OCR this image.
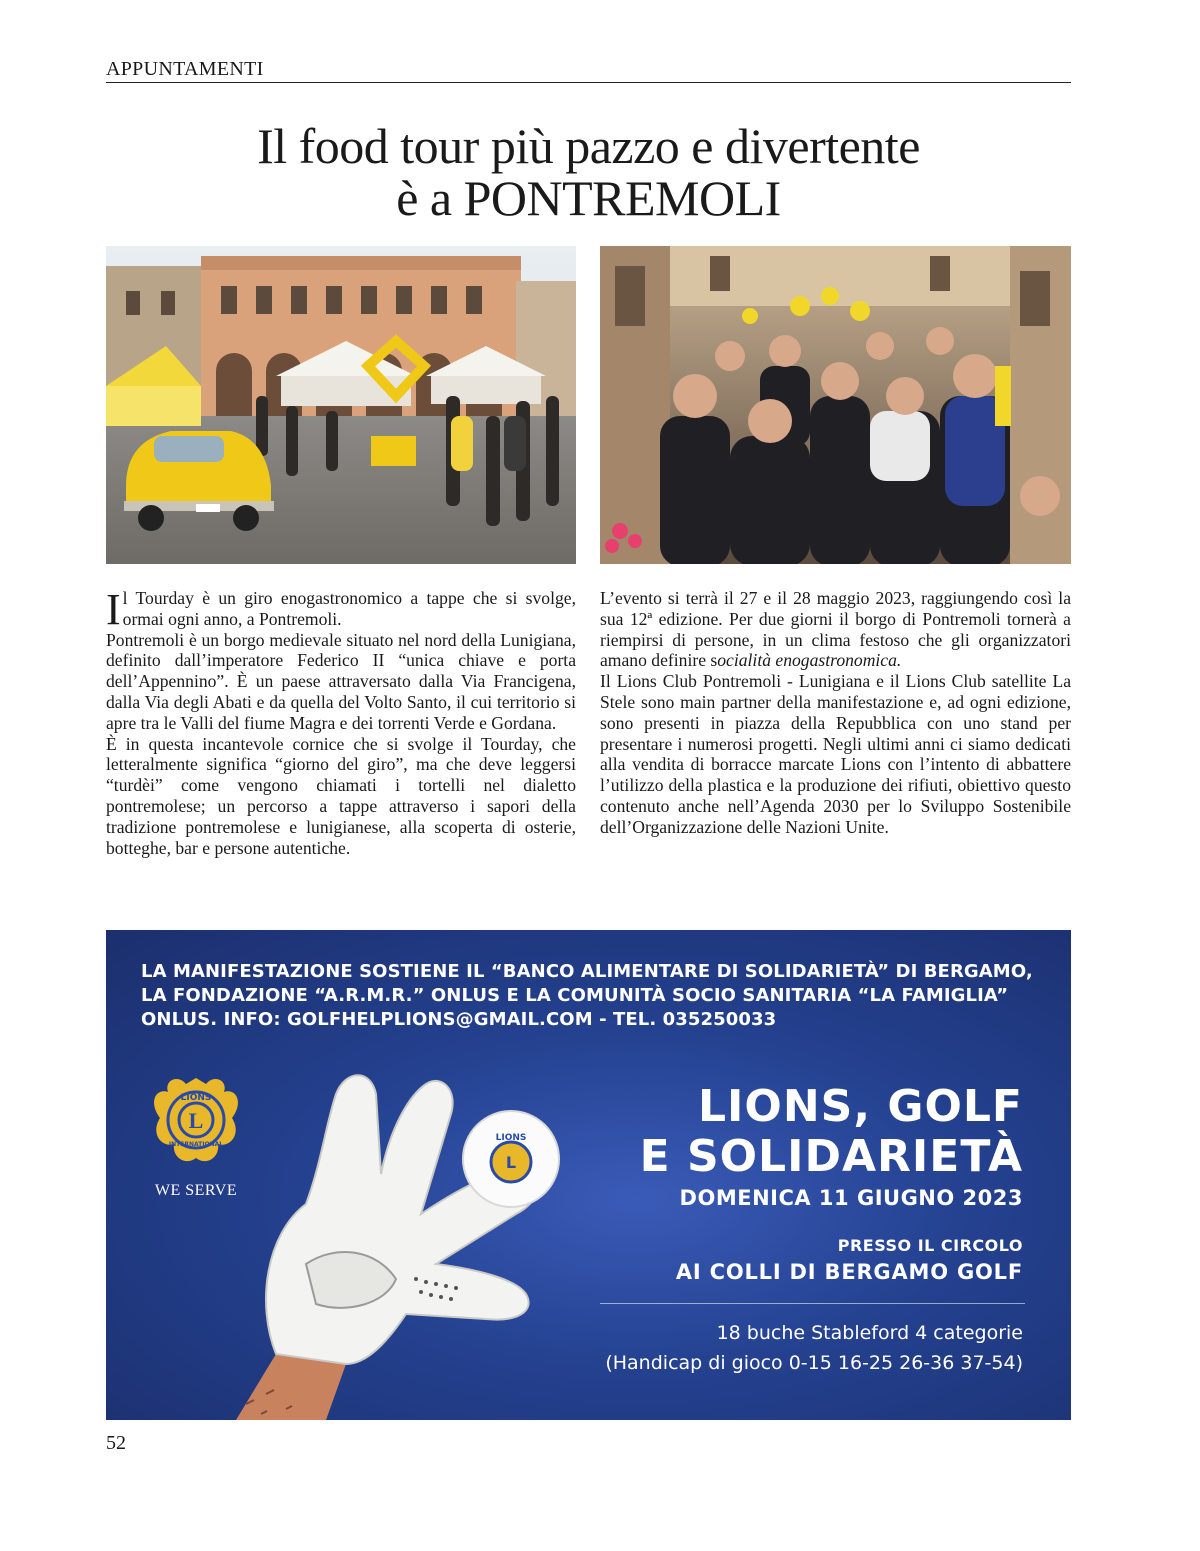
APPUNTAMENTI
Il food tour più pazzo e divertente
è a PONTREMOLI

Il Tourday è un giro enogastronomico a tappe che si svolge, ormai ogni anno, a Pontremoli.

Pontremoli è un borgo medievale situato nel nord della Lunigiana, definito dall’imperatore Federico II “unica chiave e porta dell’Appennino”. È un paese attraversato dalla Via Francigena, dalla Via degli Abati e da quella del Volto Santo, il cui territorio si apre tra le Valli del fiume Magra e dei torrenti Verde e Gordana.

È in questa incantevole cornice che si svolge il Tourday, che letteralmente significa “giorno del giro”, ma che deve leggersi “turdèi” come vengono chiamati i tortelli nel dialetto pontremolese; un percorso a tappe attraverso i sapori della tradizione pontremolese e lunigianese, alla scoperta di osterie, botteghe, bar e persone autentiche.

L’evento si terrà il 27 e il 28 maggio 2023, raggiungendo così la sua 12ª edizione. Per due giorni il borgo di Pontremoli tornerà a riempirsi di persone, in un clima festoso che gli organizzatori amano definire socialità enogastronomica.

Il Lions Club Pontremoli - Lunigiana e il Lions Club satellite La Stele sono main partner della manifestazione e, ad ogni edizione, sono presenti in piazza della Repubblica con uno stand per presentare i numerosi progetti. Negli ultimi anni ci siamo dedicati alla vendita di borracce marcate Lions con l’intento di abbattere l’utilizzo della plastica e la produzione dei rifiuti, obiettivo questo contenuto anche nell’Agenda 2030 per lo Sviluppo Sostenibile dell’Organizzazione delle Nazioni Unite.

LA MANIFESTAZIONE SOSTIENE IL “BANCO ALIMENTARE DI SOLIDARIETÀ” DI BERGAMO, LA FONDAZIONE “A.R.M.R.” ONLUS E LA COMUNITÀ SOCIO SANITARIA “LA FAMIGLIA” ONLUS. INFO: GOLFHELPLIONS@GMAIL.COM - TEL. 035250033
L
LIONS
L
LIONS
INTERNATIONAL
WE SERVE
LIONS, GOLF
E SOLIDARIETÀ
DOMENICA 11 GIUGNO 2023
PRESSO IL CIRCOLO
AI COLLI DI BERGAMO GOLF
18 buche Stableford 4 categorie
(Handicap di gioco 0-15 16-25 26-36 37-54)
52
